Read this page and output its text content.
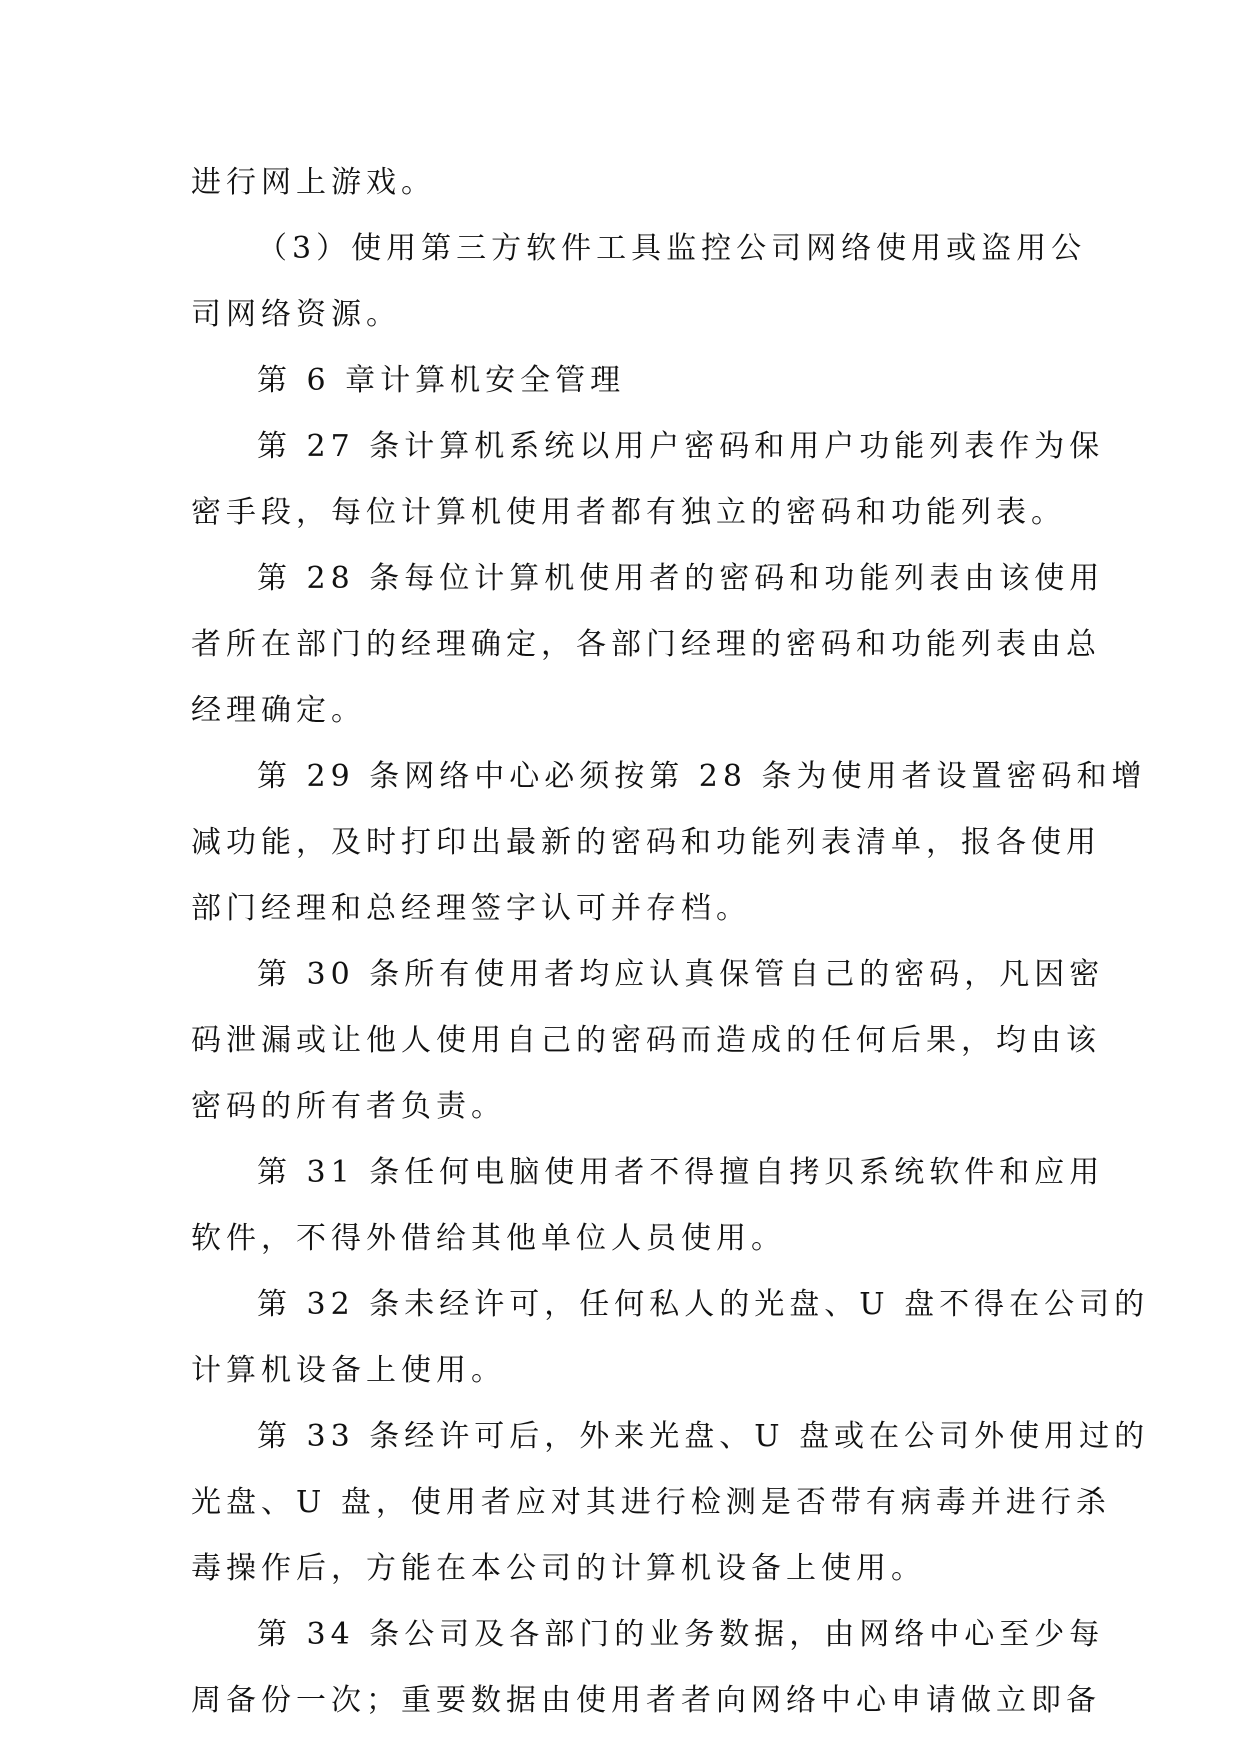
进行网上游戏。
（3）使用第三方软件工具监控公司网络使用或盗用公
司网络资源。
第 6 章计算机安全管理
第 27 条计算机系统以用户密码和用户功能列表作为保
密手段，每位计算机使用者都有独立的密码和功能列表。
第 28 条每位计算机使用者的密码和功能列表由该使用
者所在部门的经理确定，各部门经理的密码和功能列表由总
经理确定。
第 29 条网络中心必须按第 28 条为使用者设置密码和增
减功能，及时打印出最新的密码和功能列表清单，报各使用
部门经理和总经理签字认可并存档。
第 30 条所有使用者均应认真保管自己的密码，凡因密
码泄漏或让他人使用自己的密码而造成的任何后果，均由该
密码的所有者负责。
第 31 条任何电脑使用者不得擅自拷贝系统软件和应用
软件，不得外借给其他单位人员使用。
第 32 条未经许可，任何私人的光盘、U 盘不得在公司的
计算机设备上使用。
第 33 条经许可后，外来光盘、U 盘或在公司外使用过的
光盘、U 盘，使用者应对其进行检测是否带有病毒并进行杀
毒操作后，方能在本公司的计算机设备上使用。
第 34 条公司及各部门的业务数据，由网络中心至少每
周备份一次；重要数据由使用者者向网络中心申请做立即备
